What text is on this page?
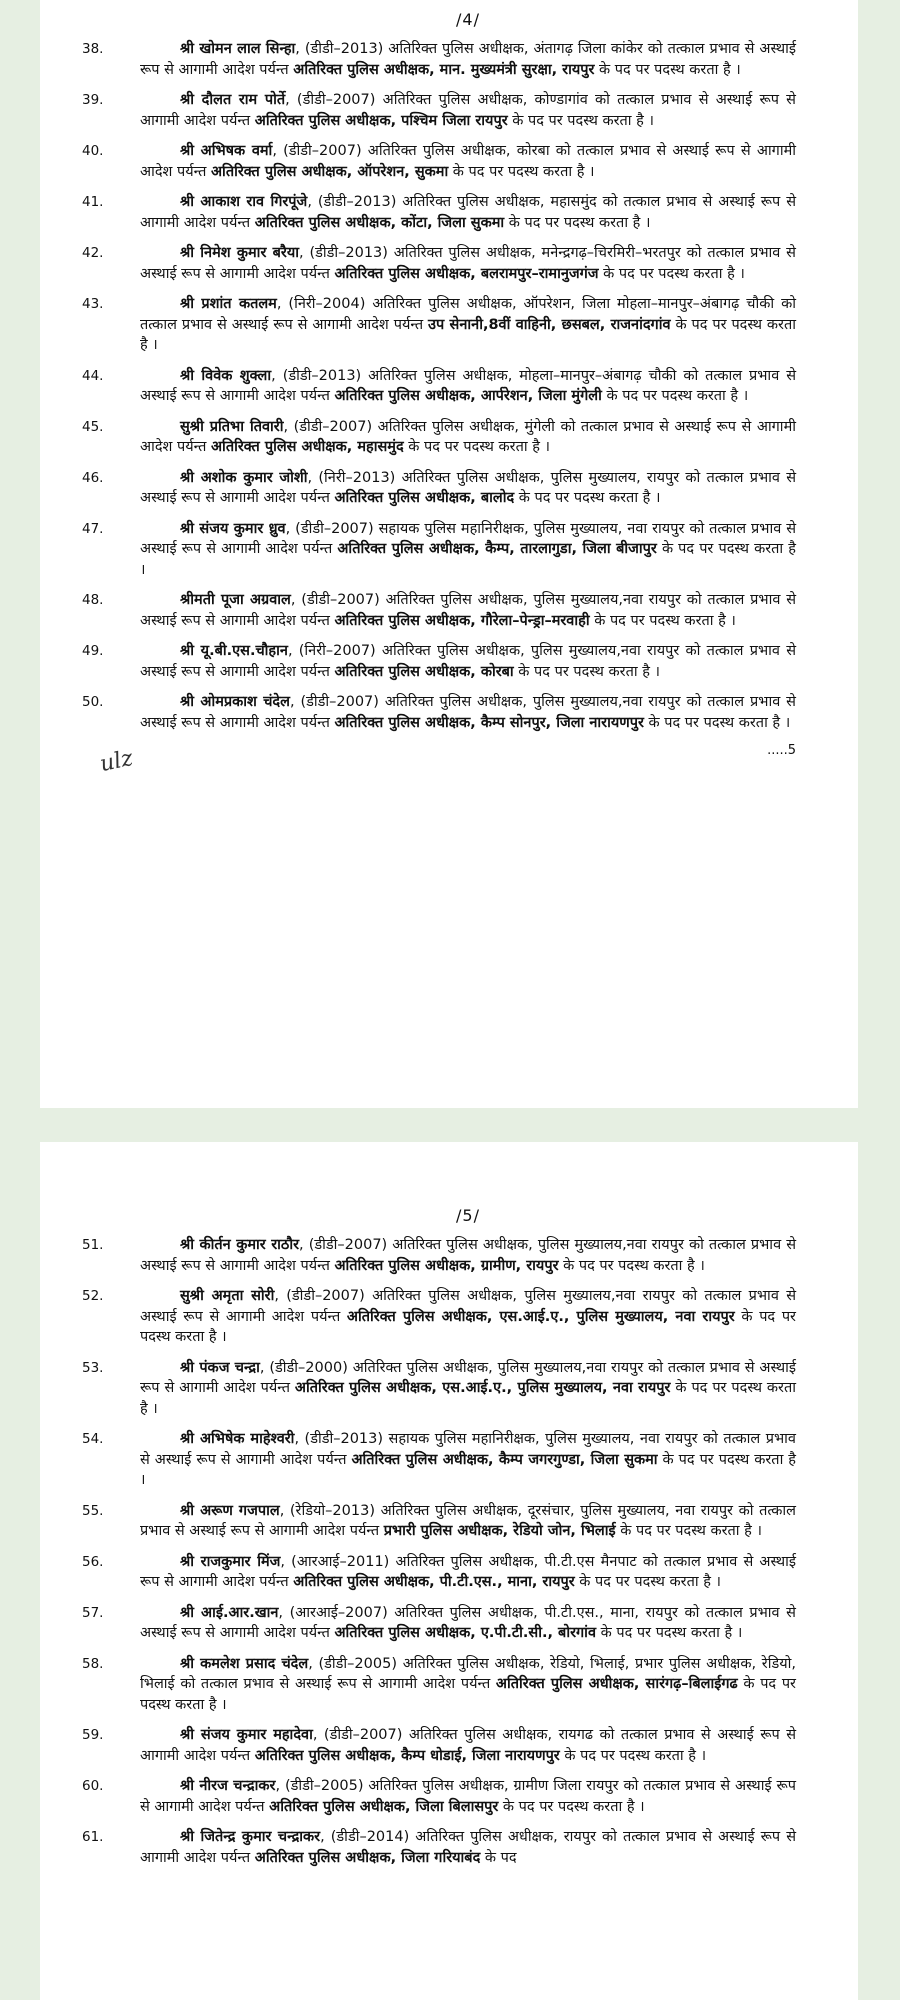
/4/

38.	श्री खोमन लाल सिन्हा, (डीडी–2013) अतिरिक्त पुलिस अधीक्षक, अंतागढ़ जिला कांकेर को तत्काल प्रभाव से अस्थाई रूप से आगामी आदेश पर्यन्त अतिरिक्त पुलिस अधीक्षक, मान. मुख्यमंत्री सुरक्षा, रायपुर के पद पर पदस्थ करता है ।

39.	श्री दौलत राम पोर्ते, (डीडी–2007) अतिरिक्त पुलिस अधीक्षक, कोण्डागांव को तत्काल प्रभाव से अस्थाई रूप से आगामी आदेश पर्यन्त अतिरिक्त पुलिस अधीक्षक, पश्चिम जिला रायपुर के पद पर पदस्थ करता है ।

40.	श्री अभिषक वर्मा, (डीडी–2007) अतिरिक्त पुलिस अधीक्षक, कोरबा को तत्काल प्रभाव से अस्थाई रूप से आगामी आदेश पर्यन्त अतिरिक्त पुलिस अधीक्षक, ऑपरेशन, सुकमा के पद पर पदस्थ करता है ।

41.	श्री आकाश राव गिरपूंजे, (डीडी–2013) अतिरिक्त पुलिस अधीक्षक, महासमुंद को तत्काल प्रभाव से अस्थाई रूप से आगामी आदेश पर्यन्त अतिरिक्त पुलिस अधीक्षक, कोंटा, जिला सुकमा के पद पर पदस्थ करता है ।

42.	श्री निमेश कुमार बरैया, (डीडी–2013) अतिरिक्त पुलिस अधीक्षक, मनेन्द्रगढ़–चिरमिरी–भरतपुर को तत्काल प्रभाव से अस्थाई रूप से आगामी आदेश पर्यन्त अतिरिक्त पुलिस अधीक्षक, बलरामपुर–रामानुजगंज के पद पर पदस्थ करता है ।

43.	श्री प्रशांत कतलम, (निरी–2004) अतिरिक्त पुलिस अधीक्षक, ऑपरेशन, जिला मोहला–मानपुर–अंबागढ़ चौकी को तत्काल प्रभाव से अस्थाई रूप से आगामी आदेश पर्यन्त उप सेनानी,8वीं वाहिनी, छसबल, राजनांदगांव के पद पर पदस्थ करता है ।

44.	श्री विवेक शुक्ला, (डीडी–2013) अतिरिक्त पुलिस अधीक्षक, मोहला–मानपुर–अंबागढ़ चौकी को तत्काल प्रभाव से अस्थाई रूप से आगामी आदेश पर्यन्त अतिरिक्त पुलिस अधीक्षक, आर्परेशन, जिला मुंगेली के पद पर पदस्थ करता है ।

45.	सुश्री प्रतिभा तिवारी, (डीडी–2007) अतिरिक्त पुलिस अधीक्षक, मुंगेली को तत्काल प्रभाव से अस्थाई रूप से आगामी आदेश पर्यन्त अतिरिक्त पुलिस अधीक्षक, महासमुंद के पद पर पदस्थ करता है ।

46.	श्री अशोक कुमार जोशी, (निरी–2013) अतिरिक्त पुलिस अधीक्षक, पुलिस मुख्यालय, रायपुर को तत्काल प्रभाव से अस्थाई रूप से आगामी आदेश पर्यन्त अतिरिक्त पुलिस अधीक्षक, बालोद के पद पर पदस्थ करता है ।

47.	श्री संजय कुमार ध्रुव, (डीडी–2007) सहायक पुलिस महानिरीक्षक, पुलिस मुख्यालय, नवा रायपुर को तत्काल प्रभाव से अस्थाई रूप से आगामी आदेश पर्यन्त अतिरिक्त पुलिस अधीक्षक, कैम्प, तारलागुडा, जिला बीजापुर के पद पर पदस्थ करता है ।

48.	श्रीमती पूजा अग्रवाल, (डीडी–2007) अतिरिक्त पुलिस अधीक्षक, पुलिस मुख्यालय,नवा रायपुर को तत्काल प्रभाव से अस्थाई रूप से आगामी आदेश पर्यन्त अतिरिक्त पुलिस अधीक्षक, गौरेला–पेन्ड्रा–मरवाही के पद पर पदस्थ करता है ।

49.	श्री यू.बी.एस.चौहान, (निरी–2007) अतिरिक्त पुलिस अधीक्षक, पुलिस मुख्यालय,नवा रायपुर को तत्काल प्रभाव से अस्थाई रूप से आगामी आदेश पर्यन्त अतिरिक्त पुलिस अधीक्षक, कोरबा के पद पर पदस्थ करता है ।

50.	श्री ओमप्रकाश चंदेल, (डीडी–2007) अतिरिक्त पुलिस अधीक्षक, पुलिस मुख्यालय,नवा रायपुर को तत्काल प्रभाव से अस्थाई रूप से आगामी आदेश पर्यन्त अतिरिक्त पुलिस अधीक्षक, कैम्प सोनपुर, जिला नारायणपुर के पद पर पदस्थ करता है ।

ulz	.....5
/5/

51.	श्री कीर्तन कुमार राठौर, (डीडी–2007) अतिरिक्त पुलिस अधीक्षक, पुलिस मुख्यालय,नवा रायपुर को तत्काल प्रभाव से अस्थाई रूप से आगामी आदेश पर्यन्त अतिरिक्त पुलिस अधीक्षक, ग्रामीण, रायपुर के पद पर पदस्थ करता है ।

52.	सुश्री अमृता सोरी, (डीडी–2007) अतिरिक्त पुलिस अधीक्षक, पुलिस मुख्यालय,नवा रायपुर को तत्काल प्रभाव से अस्थाई रूप से आगामी आदेश पर्यन्त अतिरिक्त पुलिस अधीक्षक, एस.आई.ए., पुलिस मुख्यालय, नवा रायपुर के पद पर पदस्थ करता है ।

53.	श्री पंकज चन्द्रा, (डीडी–2000) अतिरिक्त पुलिस अधीक्षक, पुलिस मुख्यालय,नवा रायपुर को तत्काल प्रभाव से अस्थाई रूप से आगामी आदेश पर्यन्त अतिरिक्त पुलिस अधीक्षक, एस.आई.ए., पुलिस मुख्यालय, नवा रायपुर के पद पर पदस्थ करता है ।

54.	श्री अभिषेक माहेश्वरी, (डीडी–2013) सहायक पुलिस महानिरीक्षक, पुलिस मुख्यालय, नवा रायपुर को तत्काल प्रभाव से अस्थाई रूप से आगामी आदेश पर्यन्त अतिरिक्त पुलिस अधीक्षक, कैम्प जगरगुण्डा, जिला सुकमा के पद पर पदस्थ करता है ।

55.	श्री अरूण गजपाल, (रेडियो–2013) अतिरिक्त पुलिस अधीक्षक, दूरसंचार, पुलिस मुख्यालय, नवा रायपुर को तत्काल प्रभाव से अस्थाई रूप से आगामी आदेश पर्यन्त प्रभारी पुलिस अधीक्षक, रेडियो जोन, भिलाई के पद पर पदस्थ करता है ।

56.	श्री राजकुमार मिंज, (आरआई–2011) अतिरिक्त पुलिस अधीक्षक, पी.टी.एस मैनपाट को तत्काल प्रभाव से अस्थाई रूप से आगामी आदेश पर्यन्त अतिरिक्त पुलिस अधीक्षक, पी.टी.एस., माना, रायपुर के पद पर पदस्थ करता है ।

57.	श्री आई.आर.खान, (आरआई–2007) अतिरिक्त पुलिस अधीक्षक, पी.टी.एस., माना, रायपुर को तत्काल प्रभाव से अस्थाई रूप से आगामी आदेश पर्यन्त अतिरिक्त पुलिस अधीक्षक, ए.पी.टी.सी., बोरगांव के पद पर पदस्थ करता है ।

58.	श्री कमलेश प्रसाद चंदेल, (डीडी–2005) अतिरिक्त पुलिस अधीक्षक, रेडियो, भिलाई, प्रभार पुलिस अधीक्षक, रेडियो, भिलाई को तत्काल प्रभाव से अस्थाई रूप से आगामी आदेश पर्यन्त अतिरिक्त पुलिस अधीक्षक, सारंगढ़–बिलाईगढ के पद पर पदस्थ करता है ।

59.	श्री संजय कुमार महादेवा, (डीडी–2007) अतिरिक्त पुलिस अधीक्षक, रायगढ को तत्काल प्रभाव से अस्थाई रूप से आगामी आदेश पर्यन्त अतिरिक्त पुलिस अधीक्षक, कैम्प धोडाई, जिला नारायणपुर के पद पर पदस्थ करता है ।

60.	श्री नीरज चन्द्राकर, (डीडी–2005) अतिरिक्त पुलिस अधीक्षक, ग्रामीण जिला रायपुर को तत्काल प्रभाव से अस्थाई रूप से आगामी आदेश पर्यन्त अतिरिक्त पुलिस अधीक्षक, जिला बिलासपुर के पद पर पदस्थ करता है ।

61.	श्री जितेन्द्र कुमार चन्द्राकर, (डीडी–2014) अतिरिक्त पुलिस अधीक्षक, रायपुर को तत्काल प्रभाव से अस्थाई रूप से आगामी आदेश पर्यन्त अतिरिक्त पुलिस अधीक्षक, जिला गरियाबंद के पद
